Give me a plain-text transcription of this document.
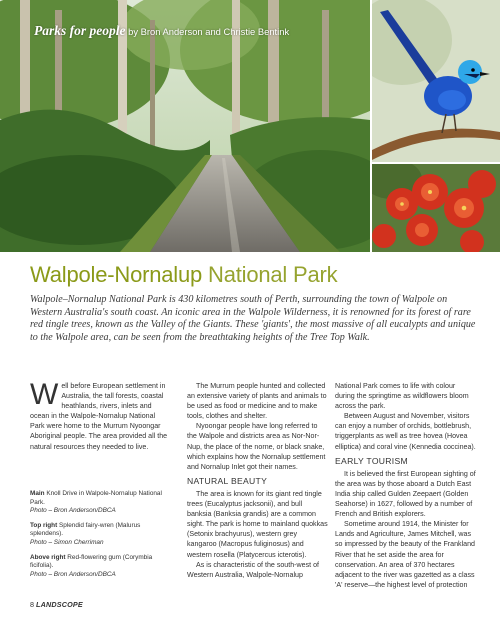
Parks for people by Bron Anderson and Christie Bentink
Walpole-Nornalup National Park

Walpole–Nornalup National Park is 430 kilometres south of Perth, surrounding the town of Walpole on Western Australia's south coast. An iconic area in the Walpole Wilderness, it is renowned for its forest of rare red tingle trees, known as the Valley of the Giants. These 'giants', the most massive of all eucalypts and unique to the Walpole area, can be seen from the breathtaking heights of the Tree Top Walk.

Well before European settlement in Australia, the tall forests, coastal heathlands, rivers, inlets and ocean in the Walpole-Nornalup National Park were home to the Murrum Nyoongar Aboriginal people. The area provided all the natural resources they needed to live.

Main Knoll Drive in Walpole-Nornalup National Park.
Photo – Bron Anderson/DBCA

Top right Splendid fairy-wren (Malurus splendens).
Photo – Simon Cherriman

Above right Red-flowering gum (Corymbia ficifolia).
Photo – Bron Anderson/DBCA

The Murrum people hunted and collected an extensive variety of plants and animals to be used as food or medicine and to make tools, clothes and shelter.

Nyoongar people have long referred to the Walpole and districts area as Nor-Nor-Nup, the place of the norne, or black snake, which explains how the Nornalup settlement and Nornalup Inlet got their names.

NATURAL BEAUTY

The area is known for its giant red tingle trees (Eucalyptus jacksonii), and bull banksia (Banksia grandis) are a common sight. The park is home to mainland quokkas (Setonix brachyurus), western grey kangaroo (Macropus fuliginosus) and western rosella (Platycercus icterotis).

As is characteristic of the south-west of Western Australia, Walpole-Nornalup

National Park comes to life with colour during the springtime as wildflowers bloom across the park.

Between August and November, visitors can enjoy a number of orchids, bottlebrush, triggerplants as well as tree hovea (Hovea elliptica) and coral vine (Kennedia coccinea).

EARLY TOURISM

It is believed the first European sighting of the area was by those aboard a Dutch East India ship called Gulden Zeepaert (Golden Seahorse) in 1627, followed by a number of French and British explorers.

Sometime around 1914, the Minister for Lands and Agriculture, James Mitchell, was so impressed by the beauty of the Frankland River that he set aside the area for conservation. An area of 370 hectares adjacent to the river was gazetted as a class 'A' reserve—the highest level of protection

8 LANDSCOPE
